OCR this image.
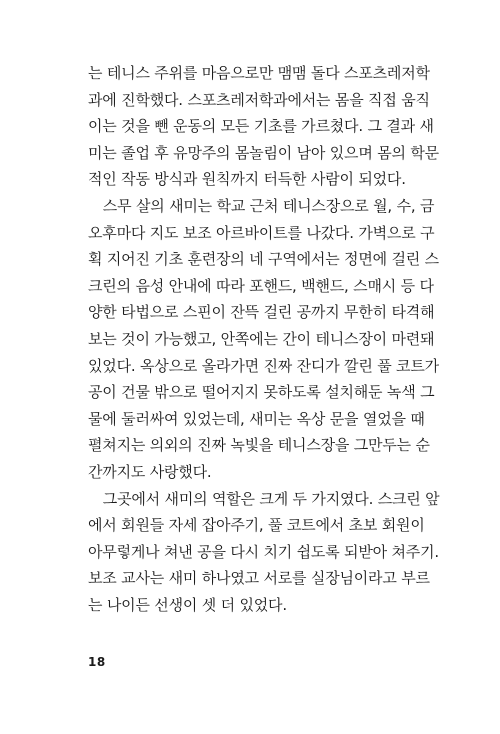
는 테니스 주위를 마음으로만 맴맴 돌다 스포츠레저학

과에 진학했다. 스포츠레저학과에서는 몸을 직접 움직

이는 것을 뺀 운동의 모든 기초를 가르쳤다. 그 결과 새

미는 졸업 후 유망주의 몸놀림이 남아 있으며 몸의 학문

적인 작동 방식과 원칙까지 터득한 사람이 되었다.

　스무 살의 새미는 학교 근처 테니스장으로 월, 수, 금

오후마다 지도 보조 아르바이트를 나갔다. 가벽으로 구

획 지어진 기초 훈련장의 네 구역에서는 정면에 걸린 스

크린의 음성 안내에 따라 포핸드, 백핸드, 스매시 등 다

양한 타법으로 스핀이 잔뜩 걸린 공까지 무한히 타격해

보는 것이 가능했고, 안쪽에는 간이 테니스장이 마련돼

있었다. 옥상으로 올라가면 진짜 잔디가 깔린 풀 코트가

공이 건물 밖으로 떨어지지 못하도록 설치해둔 녹색 그

물에 둘러싸여 있었는데, 새미는 옥상 문을 열었을 때

펼쳐지는 의외의 진짜 녹빛을 테니스장을 그만두는 순

간까지도 사랑했다.

　그곳에서 새미의 역할은 크게 두 가지였다. 스크린 앞

에서 회원들 자세 잡아주기, 풀 코트에서 초보 회원이

아무렇게나 쳐낸 공을 다시 치기 쉽도록 되받아 쳐주기.

보조 교사는 새미 하나였고 서로를 실장님이라고 부르

는 나이든 선생이 셋 더 있었다.

18
